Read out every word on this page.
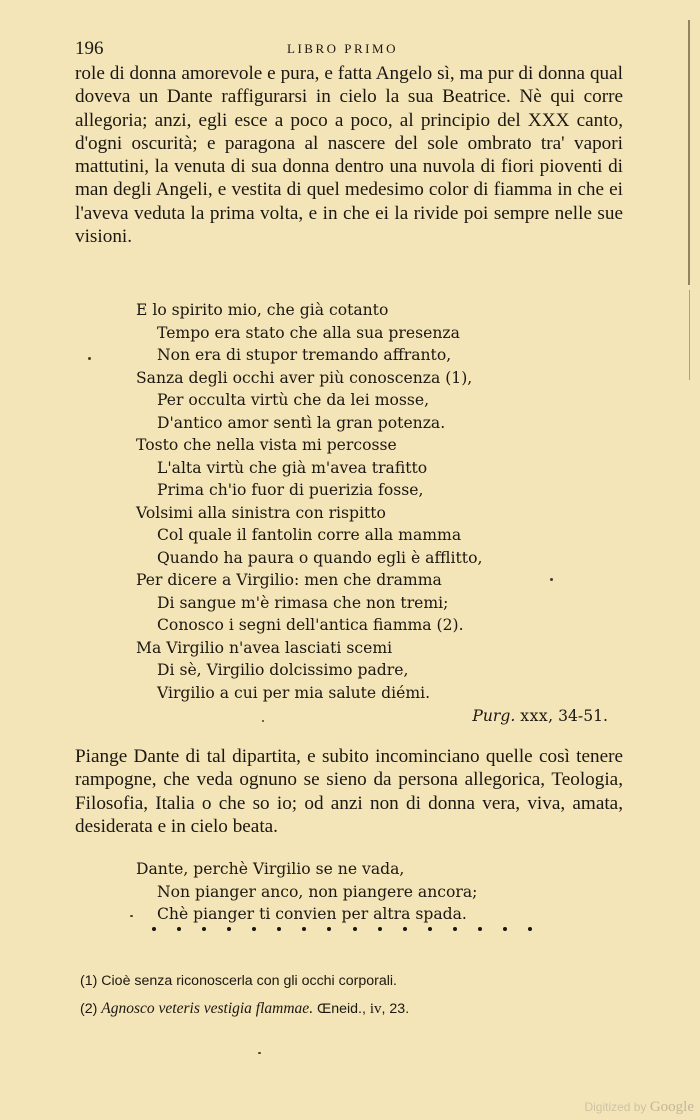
196	LIBRO PRIMO
role di donna amorevole e pura, e fatta Angelo sì, ma pur di donna qual doveva un Dante raffigurarsi in cielo la sua Beatrice. Nè qui corre allegoria; anzi, egli esce a poco a poco, al principio del XXX canto, d'ogni oscurità; e paragona al nascere del sole ombrato tra' vapori mattutini, la venuta di sua donna dentro una nuvola di fiori pioventi di man degli Angeli, e vestita di quel medesimo color di fiamma in che ei l'aveva veduta la prima volta, e in che ei la rivide poi sempre nelle sue visioni.
E lo spirito mio, che già cotanto
Tempo era stato che alla sua presenza
Non era di stupor tremando affranto,
Sanza degli occhi aver più conoscenza (1),
Per occulta virtù che da lei mosse,
D'antico amor sentì la gran potenza.
Tosto che nella vista mi percosse
L'alta virtù che già m'avea trafitto
Prima ch'io fuor di puerizia fosse,
Volsimi alla sinistra con rispitto
Col quale il fantolin corre alla mamma
Quando ha paura o quando egli è afflitto,
Per dicere a Virgilio: men che dramma
Di sangue m'è rimasa che non tremi;
Conosco i segni dell'antica fiamma (2).
Ma Virgilio n'avea lasciati scemi
Di sè, Virgilio dolcissimo padre,
Virgilio a cui per mia salute diémi.
Purg. xxx, 34-51.
Piange Dante di tal dipartita, e subito incominciano quelle così tenere rampogne, che veda ognuno se sieno da persona allegorica, Teologia, Filosofia, Italia o che so io; od anzi non di donna vera, viva, amata, desiderata e in cielo beata.
Dante, perchè Virgilio se ne vada,
Non pianger anco, non piangere ancora;
Chè pianger ti convien per altra spada.
(1) Cioè senza riconoscerla con gli occhi corporali.
(2) Agnosco veteris vestigia flammae. Œneid., iv, 23.
Digitized by Google
